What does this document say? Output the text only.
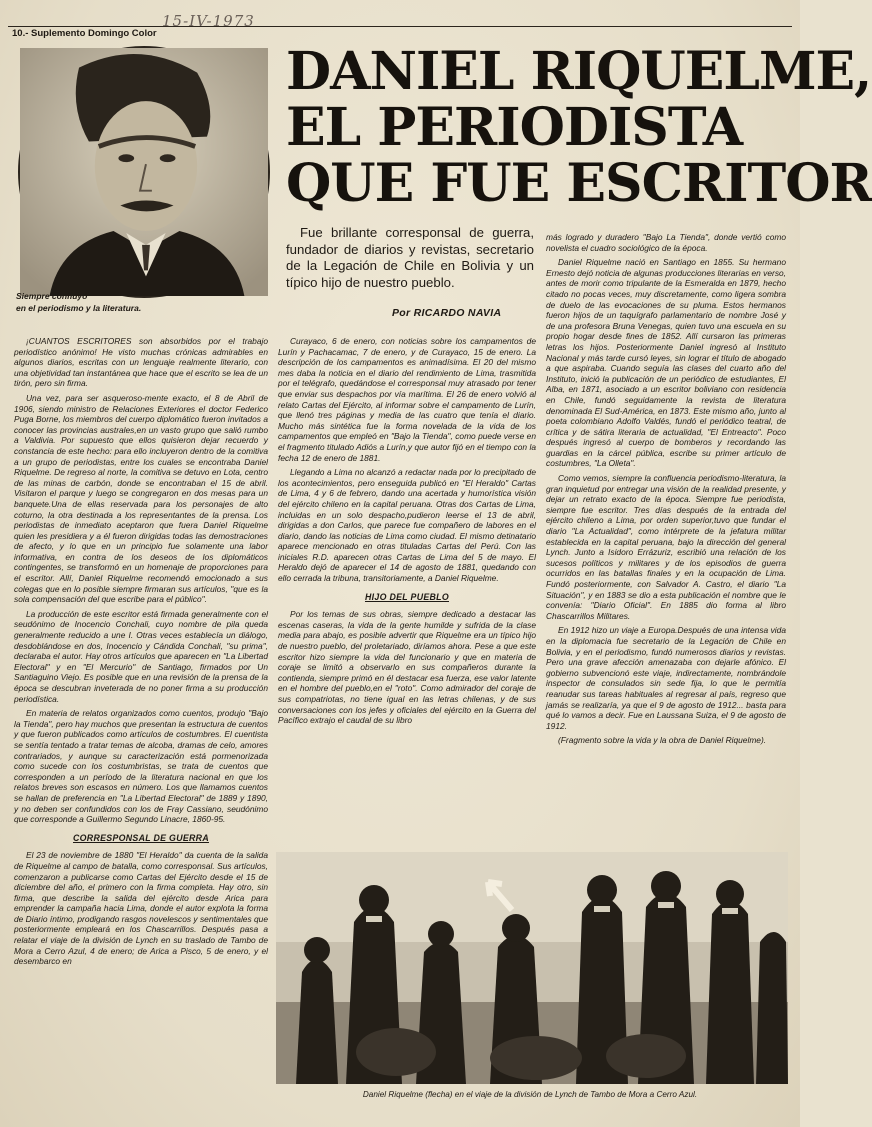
10.- Suplemento Domingo Color
15-IV-1973
Siempre confluyó
en el periodismo y la literatura.
DANIEL RIQUELME,
EL PERIODISTA
QUE FUE ESCRITOR

Fue brillante corresponsal de guerra, fundador de diarios y revistas, secretario de la Legación de Chile en Bolivia y un típico hijo de nuestro pueblo.

Por RICARDO NAVIA

¡CUANTOS ESCRITORES son absorbidos por el trabajo periodístico anónimo! He visto muchas crónicas admirables en algunos diarios, escritas con un lenguaje realmente literario, con una objetividad tan instantánea que hace que el escrito se lea de un tirón, pero sin firma.

Una vez, para ser asqueroso-mente exacto, el 8 de Abril de 1906, siendo ministro de Relaciones Exteriores el doctor Federico Puga Borne, los miembros del cuerpo diplomático fueron invitados a conocer las provincias australes,en un vasto grupo que salió rumbo a Valdivia. Por supuesto que ellos quisieron dejar recuerdo y constancia de este hecho: para ello incluyeron dentro de la comitiva a un grupo de periodistas, entre los cuales se encontraba Daniel Riquelme. De regreso al norte, la comitiva se detuvo en Lota, centro de las minas de carbón, donde se encontraban el 15 de abril. Visitaron el parque y luego se congregaron en dos mesas para un banquete.Una de ellas reservada para los personajes de alto coturno, la otra destinada a los representantes de la prensa. Los periodistas de inmediato aceptaron que fuera Daniel Riquelme quien les presidiera y a él fueron dirigidas todas las demostraciones de afecto, y lo que en un principio fue solamente una labor informativa, en contra de los deseos de los diplomáticos contingentes, se transformó en un homenaje de proporciones para el escritor. Allí, Daniel Riquelme recomendó emocionado a sus colegas que en lo posible siempre firmaran sus artículos, "que es la sola compensación del que escribe para el público".

La producción de este escritor está firmada generalmente con el seudónimo de Inocencio Conchali, cuyo nombre de pila queda generalmente reducido a une I. Otras veces establecía un diálogo, desdoblándose en dos, Inocencio y Cándida Conchali, "su prima", declaraba el autor. Hay otros artículos que aparecen en "La Libertad Electoral" y en "El Mercurio" de Santiago, firmados por Un Santiaguino Viejo. Es posible que en una revisión de la prensa de la época se descubran inveterada de no poner firma a su producción periodística.

En materia de relatos organizados como cuentos, produjo "Bajo la Tienda", pero hay muchos que presentan la estructura de cuentos y que fueron publicados como artículos de costumbres. El cuentista se sentía tentado a tratar temas de alcoba, dramas de celo, amores contrariados, y aunque su caracterización está pormenorizada como sucede con los costumbristas, se trata de cuentos que corresponden a un período de la literatura nacional en que los relatos breves son escasos en número. Los que llamamos cuentos se hallan de preferencia en "La Libertad Electoral" de 1889 y 1890, y no deben ser confundidos con los de Fray Cassiano, seudónimo que corresponde a Guillermo Segundo Linacre, 1860-95.

CORRESPONSAL DE GUERRA

El 23 de noviembre de 1880 "El Heraldo" da cuenta de la salida de Riquelme al campo de batalla, como corresponsal. Sus artículos, comenzaron a publicarse como Cartas del Ejército desde el 15 de diciembre del año, el primero con la firma completa. Hay otro, sin firma, que describe la salida del ejército desde Arica para emprender la campaña hacia Lima, donde el autor explota la forma de Diario íntimo, prodigando rasgos novelescos y sentimentales que posteriormente empleará en los Chascarrillos. Después pasa a relatar el viaje de la división de Lynch en su traslado de Tambo de Mora a Cerro Azul, 4 de enero; de Arica a Pisco, 5 de enero, y el desembarco en

Curayaco, 6 de enero, con noticias sobre los campamentos de Lurín y Pachacamac, 7 de enero, y de Curayaco, 15 de enero. La descripción de los campamentos es animadísima. El 20 del mismo mes daba la noticia en el diario del rendimiento de Lima, trasmitida por el telégrafo, quedándose el corresponsal muy atrasado por tener que enviar sus despachos por vía marítima. El 26 de enero volvió al relato Cartas del Ejército, al informar sobre el campamento de Lurín, que llenó tres páginas y media de las cuatro que tenía el diario. Mucho más sintética fue la forma novelada de la vida de los campamentos que empleó en "Bajo la Tienda", como puede verse en el fragmento titulado Adiós a Lurín,y que autor fijó en el tiempo con la fecha 12 de enero de 1881.

Llegando a Lima no alcanzó a redactar nada por lo precipitado de los acontecimientos, pero enseguida publicó en "El Heraldo" Cartas de Lima, 4 y 6 de febrero, dando una acertada y humorística visión del ejército chileno en la capital peruana. Otras dos Cartas de Lima, incluidas en un solo despacho,pudieron leerse el 13 de abril, dirigidas a don Carlos, que parece fue compañero de labores en el diario, dando las noticias de Lima como ciudad. El mismo detinatario aparece mencionado en otras tituladas Cartas del Perú. Con las iniciales R.D. aparecen otras Cartas de Lima del 5 de mayo. El Heraldo dejó de aparecer el 14 de agosto de 1881, quedando con ello cerrada la tribuna, transitoriamente, a Daniel Riquelme.

HIJO DEL PUEBLO

Por los temas de sus obras, siempre dedicado a destacar las escenas caseras, la vida de la gente humilde y sufrida de la clase media para abajo, es posible advertir que Riquelme era un típico hijo de nuestro pueblo, del proletariado, diríamos ahora. Pese a que este escritor hizo siempre la vida del funcionario y que en materia de coraje se limitó a observarlo en sus compañeros durante la contienda, siempre primó en él destacar esa fuerza, ese valor latente en el hombre del pueblo,en el "roto". Como admirador del coraje de sus compatriotas, no tiene igual en las letras chilenas, y de sus conversaciones con los jefes y oficiales del ejército en la Guerra del Pacífico extrajo el caudal de su libro

más logrado y duradero "Bajo La Tienda", donde vertió como novelista el cuadro sociológico de la época.

Daniel Riquelme nació en Santiago en 1855. Su hermano Ernesto dejó noticia de algunas producciones literarias en verso, antes de morir como tripulante de la Esmeralda en 1879, hecho citado no pocas veces, muy discretamente, como ligera sombra de duelo de las evocaciones de su pluma. Estos hermanos fueron hijos de un taquígrafo parlamentario de nombre José y de una profesora Bruna Venegas, quien tuvo una escuela en su propio hogar desde fines de 1852. Allí cursaron las primeras letras los hijos. Posteriormente Daniel ingresó al Instituto Nacional y más tarde cursó leyes, sin lograr el título de abogado a que aspiraba. Cuando seguía las clases del cuarto año del Instituto, inició la publicación de un periódico de estudiantes, El Alba, en 1871, asociado a un escritor boliviano con residencia en Chile, fundó seguidamente la revista de literatura denominada El Sud-América, en 1873. Este mismo año, junto al poeta colombiano Adolfo Valdés, fundó el periódico teatral, de crítica y de sátira literaria de actualidad, "El Entreacto". Poco después ingresó al cuerpo de bomberos y recordando las guardias en la cárcel pública, escribe su primer artículo de costumbres, "La Olleta".

Como vemos, siempre la confluencia periodismo-literatura, la gran inquietud por entregar una visión de la realidad presente, y dejar un retrato exacto de la época. Siempre fue periodista, siempre fue escritor. Tres días después de la entrada del ejército chileno a Lima, por orden superior,tuvo que fundar el diario "La Actualidad", como intérprete de la jefatura militar establecida en la capital peruana, bajo la dirección del general Lynch. Junto a Isidoro Errázuriz, escribió una relación de los sucesos políticos y militares y de los episodios de guerra ocurridos en las batallas finales y en la ocupación de Lima. Fundó posteriormente, con Salvador A. Castro, el diario "La Situación", y en 1883 se dio a esta publicación el nombre que le convenía: "Diario Oficial". En 1885 dio forma al libro Chascarrillos Militares.

En 1912 hizo un viaje a Europa.Después de una intensa vida en la diplomacia fue secretario de la Legación de Chile en Bolivia, y en el periodismo, fundó numerosos diarios y revistas. Pero una grave afección amenazaba con dejarle afónico. El gobierno subvencionó este viaje, indirectamente, nombrándole inspector de consulados sin sede fija, lo que le permitía reanudar sus tareas habituales al regresar al país, regreso que jamás se realizaría, ya que el 9 de agosto de 1912... basta para qué lo vamos a decir. Fue en Laussana Suiza, el 9 de agosto de 1912.

(Fragmento sobre la vida y la obra de Daniel Riquelme).

Daniel Riquelme (flecha) en el viaje de la división de Lynch de Tambo de Mora a Cerro Azul.
